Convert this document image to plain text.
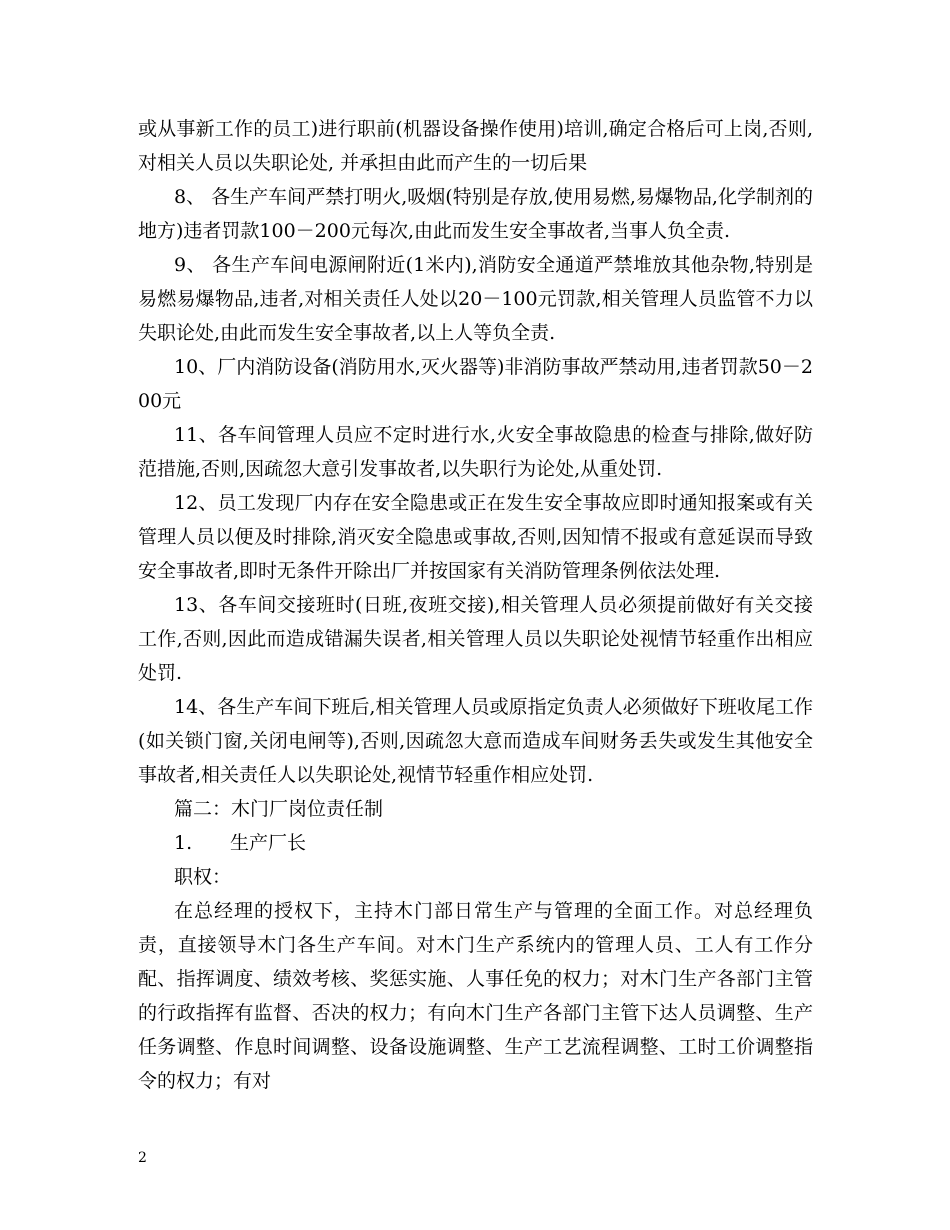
或从事新工作的员工)进行职前(机器设备操作使用)培训,确定合格后可上岗,否则,对相关人员以失职论处, 并承担由此而产生的一切后果

8、 各生产车间严禁打明火,吸烟(特别是存放,使用易燃,易爆物品,化学制剂的地方)违者罚款100－200元每次,由此而发生安全事故者,当事人负全责.

9、 各生产车间电源闸附近(1米内),消防安全通道严禁堆放其他杂物,特别是易燃易爆物品,违者,对相关责任人处以20－100元罚款,相关管理人员监管不力以失职论处,由此而发生安全事故者,以上人等负全责.

10、厂内消防设备(消防用水,灭火器等)非消防事故严禁动用,违者罚款50－200元

11、各车间管理人员应不定时进行水,火安全事故隐患的检查与排除,做好防范措施,否则,因疏忽大意引发事故者,以失职行为论处,从重处罚.

12、员工发现厂内存在安全隐患或正在发生安全事故应即时通知报案或有关管理人员以便及时排除,消灭安全隐患或事故,否则,因知情不报或有意延误而导致安全事故者,即时无条件开除出厂并按国家有关消防管理条例依法处理.

13、各车间交接班时(日班,夜班交接),相关管理人员必须提前做好有关交接工作,否则,因此而造成错漏失误者,相关管理人员以失职论处视情节轻重作出相应处罚.

14、各生产车间下班后,相关管理人员或原指定负责人必须做好下班收尾工作(如关锁门窗,关闭电闸等),否则,因疏忽大意而造成车间财务丢失或发生其他安全事故者,相关责任人以失职论处,视情节轻重作相应处罚.

篇二：木门厂岗位责任制

1. 生产厂长

职权：

在总经理的授权下，主持木门部日常生产与管理的全面工作。对总经理负责，直接领导木门各生产车间。对木门生产系统内的管理人员、工人有工作分配、指挥调度、绩效考核、奖惩实施、人事任免的权力；对木门生产各部门主管的行政指挥有监督、否决的权力；有向木门生产各部门主管下达人员调整、生产任务调整、作息时间调整、设备设施调整、生产工艺流程调整、工时工价调整指令的权力；有对

2
